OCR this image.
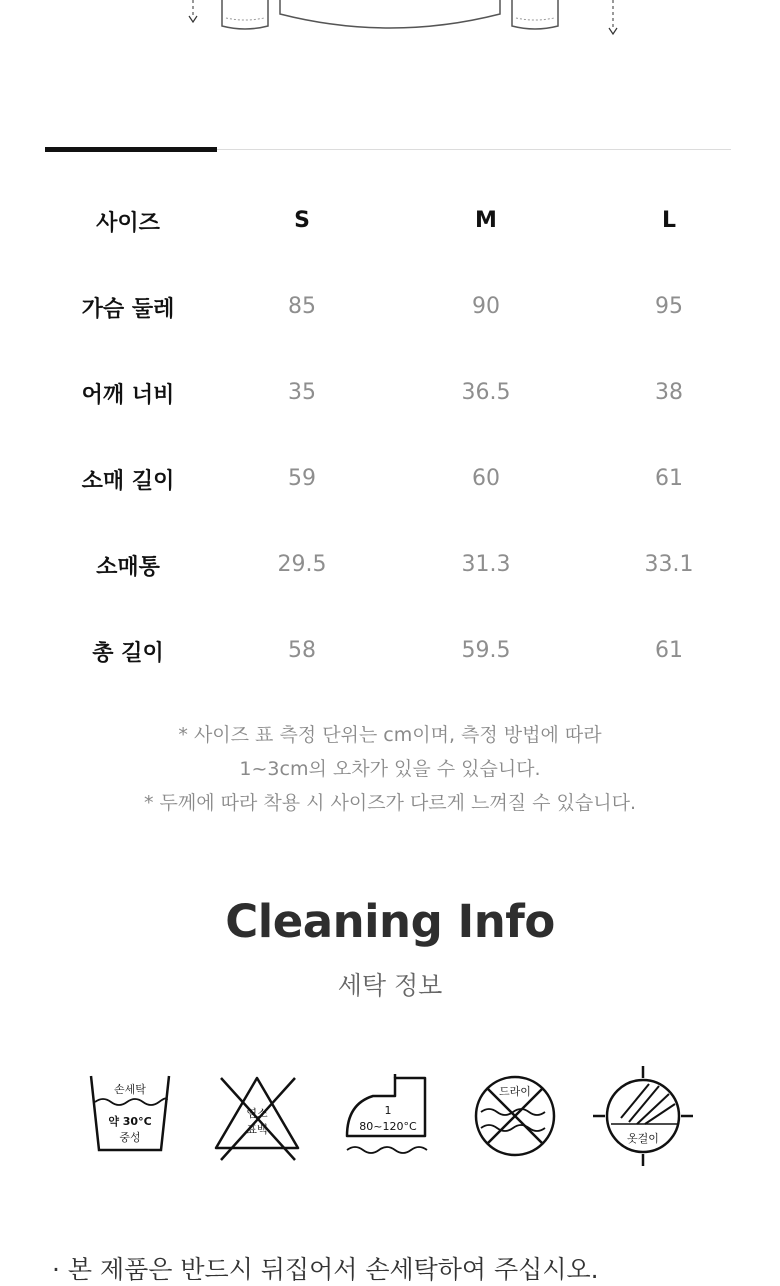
사이즈	S	M	L
가슴 둘레	85	90	95
어깨 너비	35	36.5	38
소매 길이	59	60	61
소매통	29.5	31.3	33.1
총 길이	58	59.5	61
* 사이즈 표 측정 단위는 cm이며, 측정 방법에 따라
1~3cm의 오차가 있을 수 있습니다.
* 두께에 따라 착용 시 사이즈가 다르게 느껴질 수 있습니다.
Cleaning Info
세탁 정보
손세탁
약 30°C
중성
염소
표백
1
80~120°C
드라이
옷걸이
· 본 제품은 반드시 뒤집어서 손세탁하여 주십시오.
